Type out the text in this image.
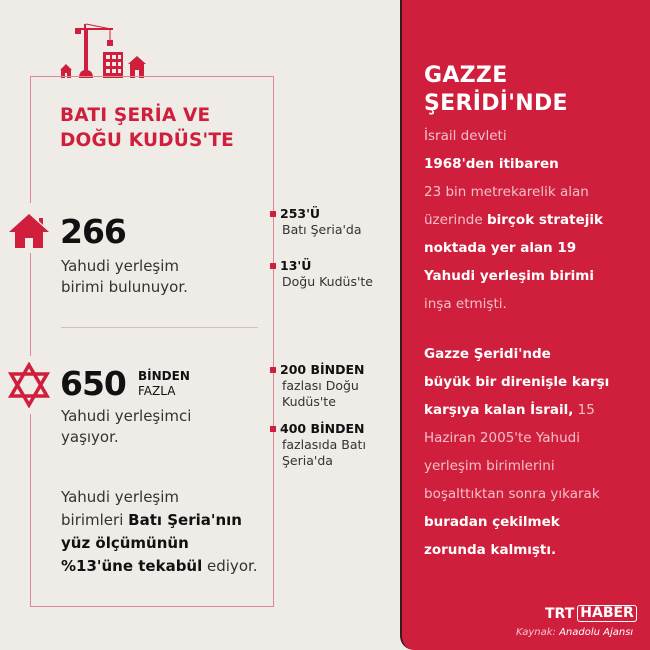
BATI ŞERİA VE
DOĞU KUDÜS'TE
266
Yahudi yerleşim
birimi bulunuyor.
253'Ü
Batı Şeria'da
13'Ü
Doğu Kudüs'te
650 BİNDEN
FAZLA
Yahudi yerleşimci
yaşıyor.
200 BİNDEN
fazlası Doğu
Kudüs'te
400 BİNDEN
fazlasıda Batı
Şeria'da
Yahudi yerleşim
birimleri Batı Şeria'nın
yüz ölçümünün
%13'üne tekabül ediyor.
GAZZE
ŞERİDİ'NDE
İsrail devleti
1968'den itibaren
23 bin metrekarelik alan
üzerinde birçok stratejik
noktada yer alan 19
Yahudi yerleşim birimi
inşa etmişti.
Gazze Şeridi'nde
büyük bir direnişle karşı
karşıya kalan İsrail, 15
Haziran 2005'te Yahudi
yerleşim birimlerini
boşalttıktan sonra yıkarak
buradan çekilmek
zorunda kalmıştı.
TRT HABER
Kaynak: Anadolu Ajansı
